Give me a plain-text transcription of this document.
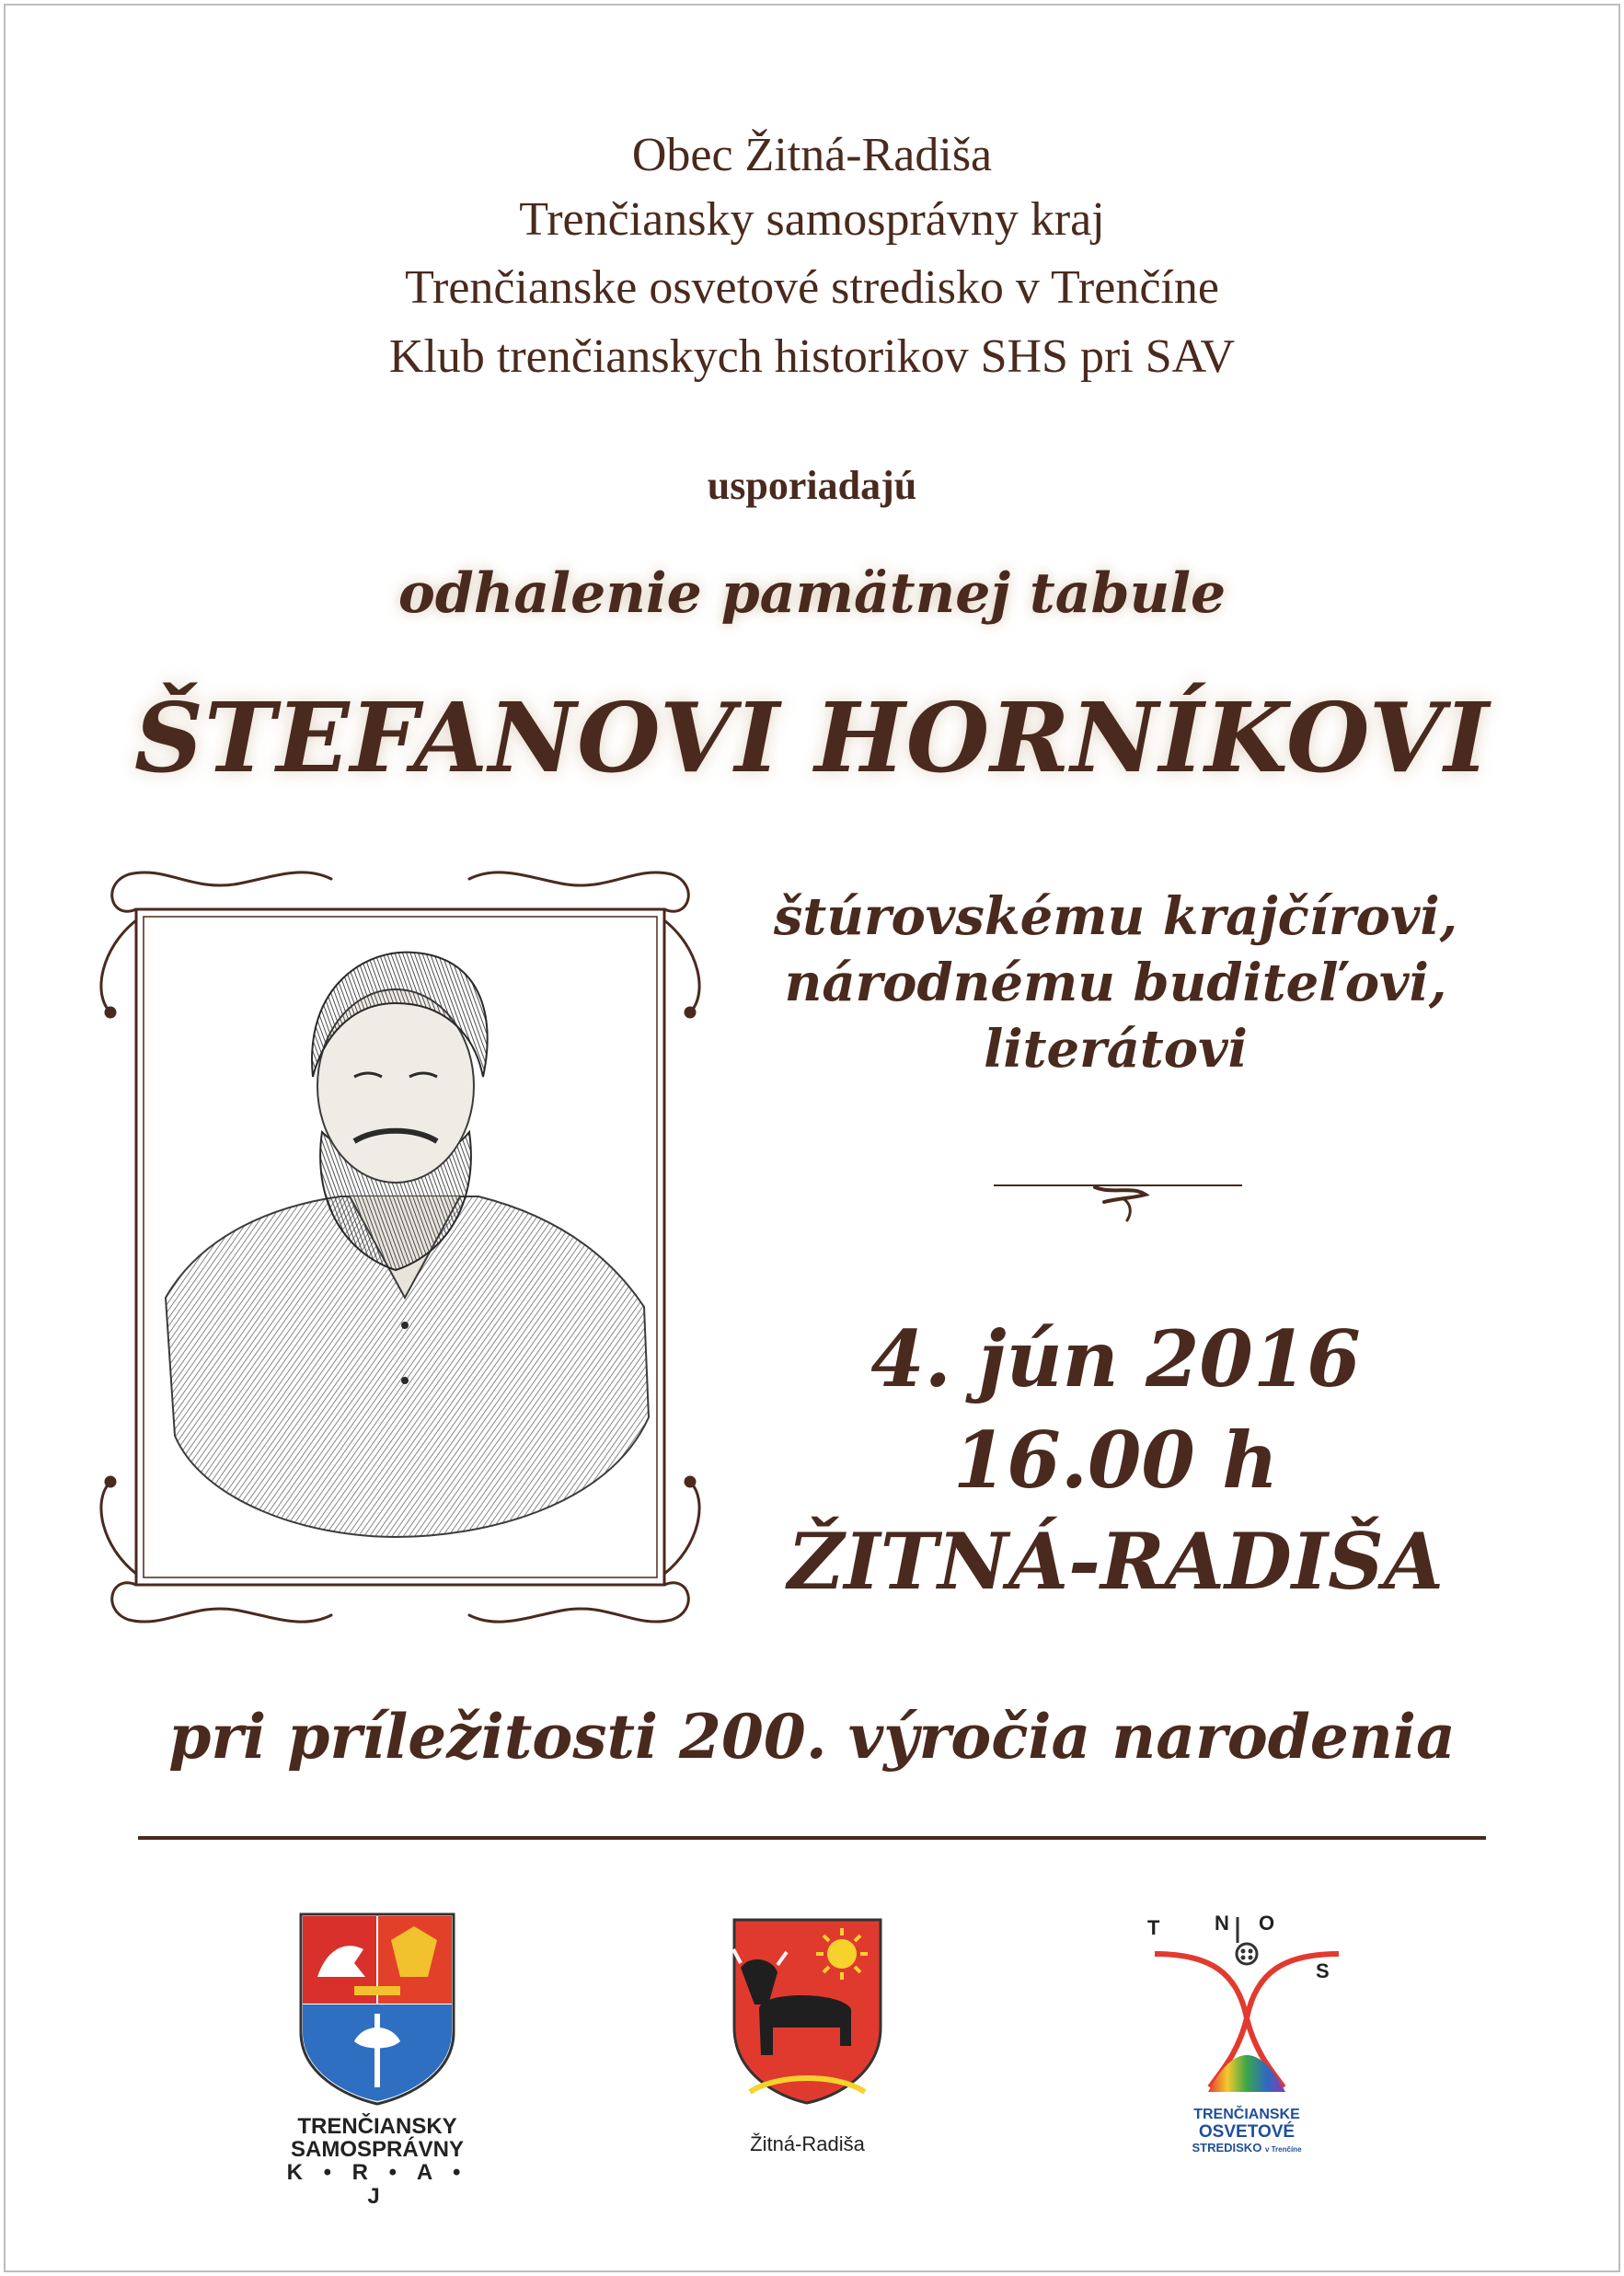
Obec Žitná-Radiša
Trenčiansky samosprávny kraj
Trenčianske osvetové stredisko v Trenčíne
Klub trenčianskych historikov SHS pri SAV
usporiadajú
odhalenie pamätnej tabule
ŠTEFANOVI HORNÍKOVI
štúrovskému krajčírovi,
národnému buditeľovi,
literátovi
4. jún 2016
16.00 h
ŽITNÁ-RADIŠA
pri príležitosti 200. výročia narodenia
TRENČIANSKY
SAMOSPRÁVNY
K • R • A • J
Žitná-Radiša
T	N O
S
TRENČIANSKE
OSVETOVÉ
STREDISKO v Trenčíne
